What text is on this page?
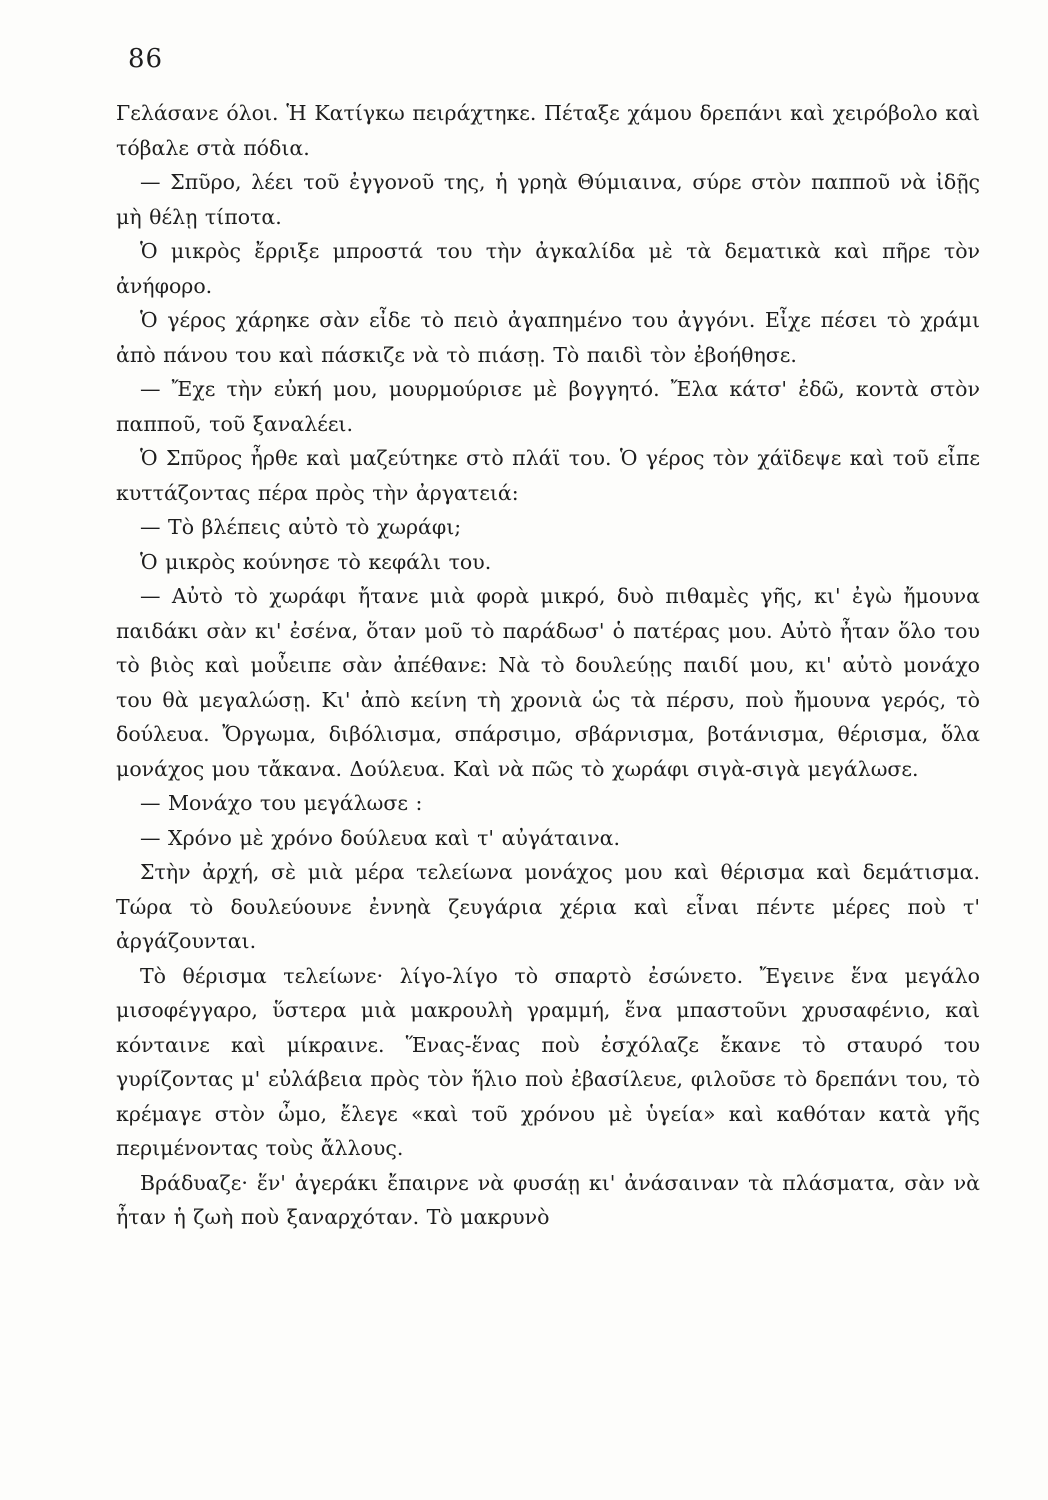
86

Γελάσανε όλοι. Ἡ Κατίγκω πειράχτηκε. Πέταξε χάμου δρεπάνι καὶ χειρόβολο καὶ τόβαλε στὰ πόδια.

— Σπῦρο, λέει τοῦ ἐγγονοῦ της, ἡ γρηὰ Θύμιαινα, σύρε στὸν παπποῦ νὰ ἰδῇς μὴ θέλῃ τίποτα.

Ὁ μικρὸς ἔρριξε μπροστά του τὴν ἀγκαλίδα μὲ τὰ δεματικὰ καὶ πῆρε τὸν ἀνήφορο.

Ὁ γέρος χάρηκε σὰν εἶδε τὸ πειὸ ἀγαπημένο του ἀγγόνι. Εἶχε πέσει τὸ χράμι ἀπὸ πάνου του καὶ πάσκιζε νὰ τὸ πιάσῃ. Τὸ παιδὶ τὸν ἐβοήθησε.

— Ἔχε τὴν εὐκή μου, μουρμούρισε μὲ βογγητό. Ἔλα κάτσ' ἐδῶ, κοντὰ στὸν παπποῦ, τοῦ ξαναλέει.

Ὁ Σπῦρος ἦρθε καὶ μαζεύτηκε στὸ πλάϊ του. Ὁ γέρος τὸν χάϊδεψε καὶ τοῦ εἶπε κυττάζοντας πέρα πρὸς τὴν ἀργατειά:

— Τὸ βλέπεις αὐτὸ τὸ χωράφι;

Ὁ μικρὸς κούνησε τὸ κεφάλι του.

— Αὐτὸ τὸ χωράφι ἤτανε μιὰ φορὰ μικρό, δυὸ πιθαμὲς γῆς, κι' ἐγὼ ἤμουνα παιδάκι σὰν κι' ἐσένα, ὅταν μοῦ τὸ παράδωσ' ὁ πατέρας μου. Αὐτὸ ἦταν ὅλο του τὸ βιὸς καὶ μοὖειπε σὰν ἀπέθανε: Νὰ τὸ δουλεύῃς παιδί μου, κι' αὐτὸ μονάχο του θὰ μεγαλώσῃ. Κι' ἀπὸ κείνη τὴ χρονιὰ ὡς τὰ πέρσυ, ποὺ ἤμουνα γερός, τὸ δούλευα. Ὄργωμα, διβόλισμα, σπάρσιμο, σβάρνισμα, βοτάνισμα, θέρισμα, ὅλα μονάχος μου τἄκανα. Δούλευα. Καὶ νὰ πῶς τὸ χωράφι σιγὰ-σιγὰ μεγάλωσε.

— Μονάχο του μεγάλωσε :

— Χρόνο μὲ χρόνο δούλευα καὶ τ' αὐγάταινα.

Στὴν ἀρχή, σὲ μιὰ μέρα τελείωνα μονάχος μου καὶ θέρισμα καὶ δεμάτισμα. Τώρα τὸ δουλεύουνε ἐννηὰ ζευγάρια χέρια καὶ εἶναι πέντε μέρες ποὺ τ' ἀργάζουνται.

Τὸ θέρισμα τελείωνε· λίγο-λίγο τὸ σπαρτὸ ἐσώνετο. Ἔγεινε ἕνα μεγάλο μισοφέγγαρο, ὕστερα μιὰ μακρουλὴ γραμμή, ἕνα μπαστοῦνι χρυσαφένιο, καὶ κόνταινε καὶ μίκραινε. Ἕνας-ἕνας ποὺ ἐσχόλαζε ἔκανε τὸ σταυρό του γυρίζοντας μ' εὐλάβεια πρὸς τὸν ἥλιο ποὺ ἐβασίλευε, φιλοῦσε τὸ δρεπάνι του, τὸ κρέμαγε στὸν ὦμο, ἔλεγε «καὶ τοῦ χρόνου μὲ ὑγεία» καὶ καθόταν κατὰ γῆς περιμένοντας τοὺς ἄλλους.

Βράδυαζε· ἕν' ἀγεράκι ἔπαιρνε νὰ φυσάῃ κι' ἀνάσαιναν τὰ πλάσματα, σὰν νὰ ἦταν ἡ ζωὴ ποὺ ξαναρχόταν. Τὸ μακρυνὸ
